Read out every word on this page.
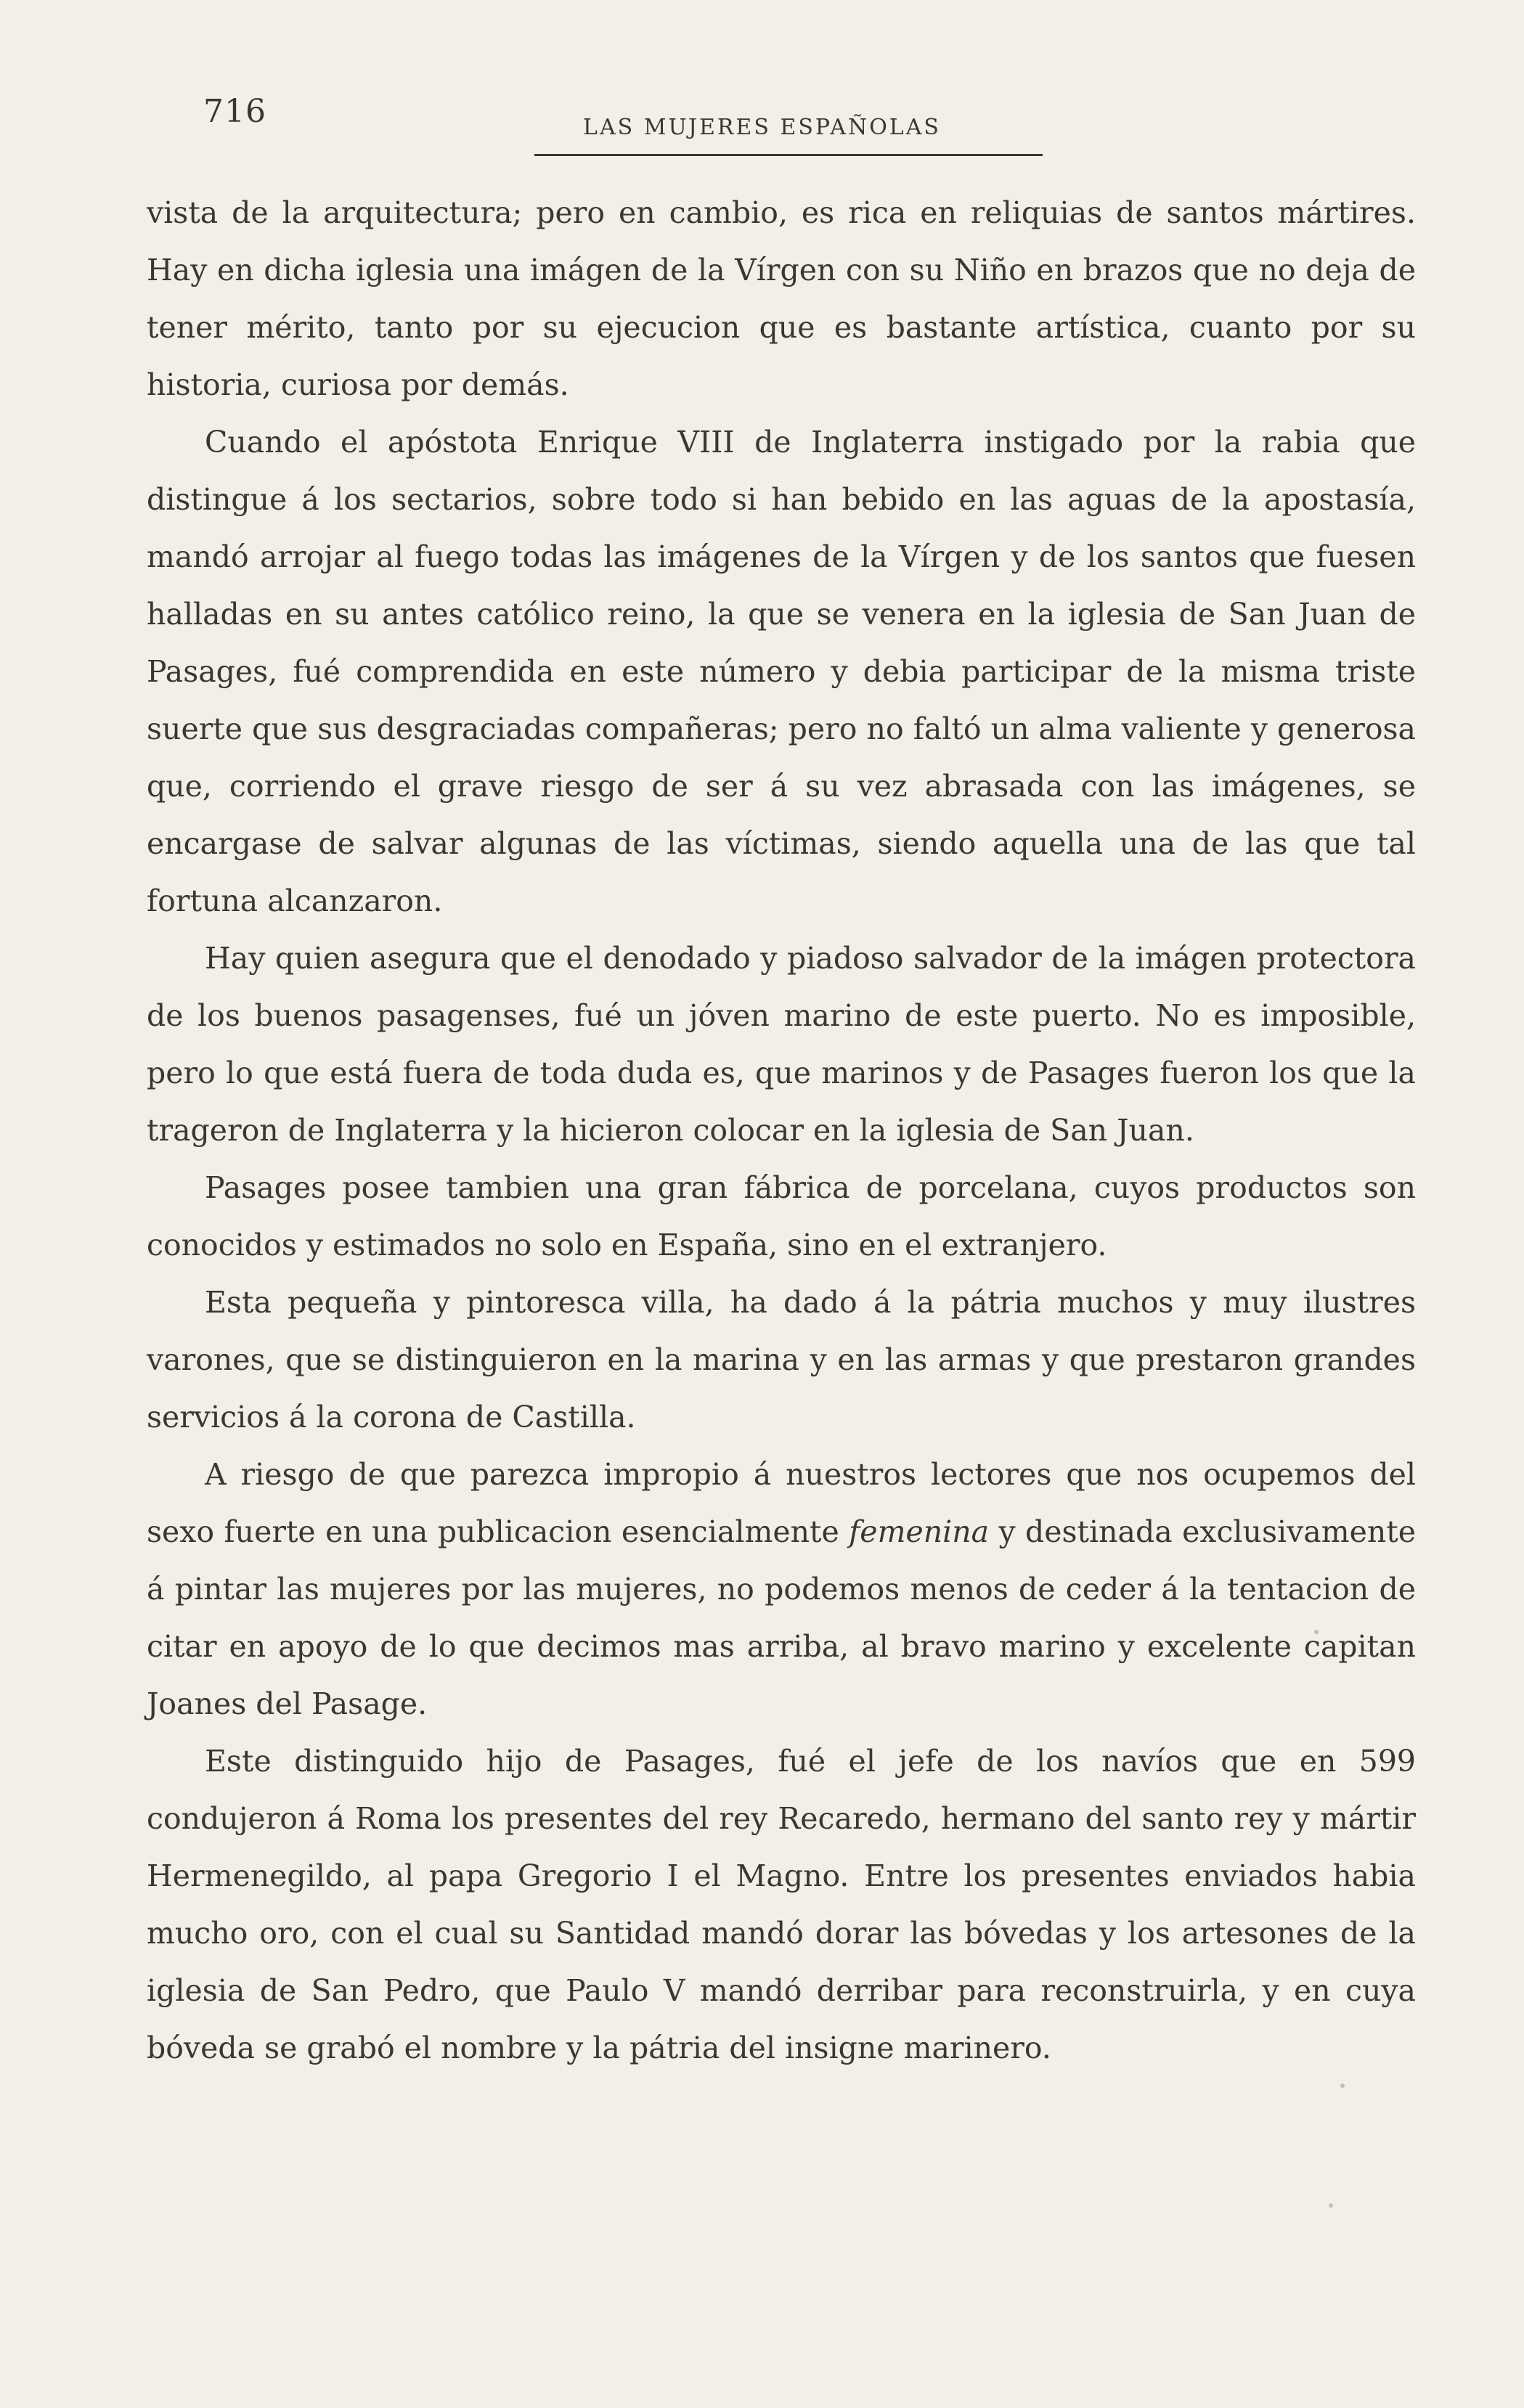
716	LAS MUJERES ESPAÑOLAS

vista de la arquitectura; pero en cambio, es rica en reliquias de santos mártires. Hay en dicha iglesia una imágen de la Vírgen con su Niño en brazos que no deja de tener mérito, tanto por su ejecucion que es bastante artística, cuanto por su historia, curiosa por demás.

Cuando el apóstota Enrique VIII de Inglaterra instigado por la rabia que distingue á los sectarios, sobre todo si han bebido en las aguas de la apostasía, mandó arrojar al fuego todas las imágenes de la Vírgen y de los santos que fuesen halladas en su antes católico reino, la que se venera en la iglesia de San Juan de Pasages, fué comprendida en este número y debia participar de la misma triste suerte que sus desgraciadas compañeras; pero no faltó un alma valiente y generosa que, corriendo el grave riesgo de ser á su vez abrasada con las imágenes, se encargase de salvar algunas de las víctimas, siendo aquella una de las que tal fortuna alcanzaron.

Hay quien asegura que el denodado y piadoso salvador de la imágen protectora de los buenos pasagenses, fué un jóven marino de este puerto. No es imposible, pero lo que está fuera de toda duda es, que marinos y de Pasages fueron los que la trageron de Inglaterra y la hicieron colocar en la iglesia de San Juan.

Pasages posee tambien una gran fábrica de porcelana, cuyos productos son conocidos y estimados no solo en España, sino en el extranjero.

Esta pequeña y pintoresca villa, ha dado á la pátria muchos y muy ilustres varones, que se distinguieron en la marina y en las armas y que prestaron grandes servicios á la corona de Castilla.

A riesgo de que parezca impropio á nuestros lectores que nos ocupemos del sexo fuerte en una publicacion esencialmente femenina y destinada exclusivamente á pintar las mujeres por las mujeres, no podemos menos de ceder á la tentacion de citar en apoyo de lo que decimos mas arriba, al bravo marino y excelente capitan Joanes del Pasage.

Este distinguido hijo de Pasages, fué el jefe de los navíos que en 599 condujeron á Roma los presentes del rey Recaredo, hermano del santo rey y mártir Hermenegildo, al papa Gregorio I el Magno. Entre los presentes enviados habia mucho oro, con el cual su Santidad mandó dorar las bóvedas y los artesones de la iglesia de San Pedro, que Paulo V mandó derribar para reconstruirla, y en cuya bóveda se grabó el nombre y la pátria del insigne marinero.
